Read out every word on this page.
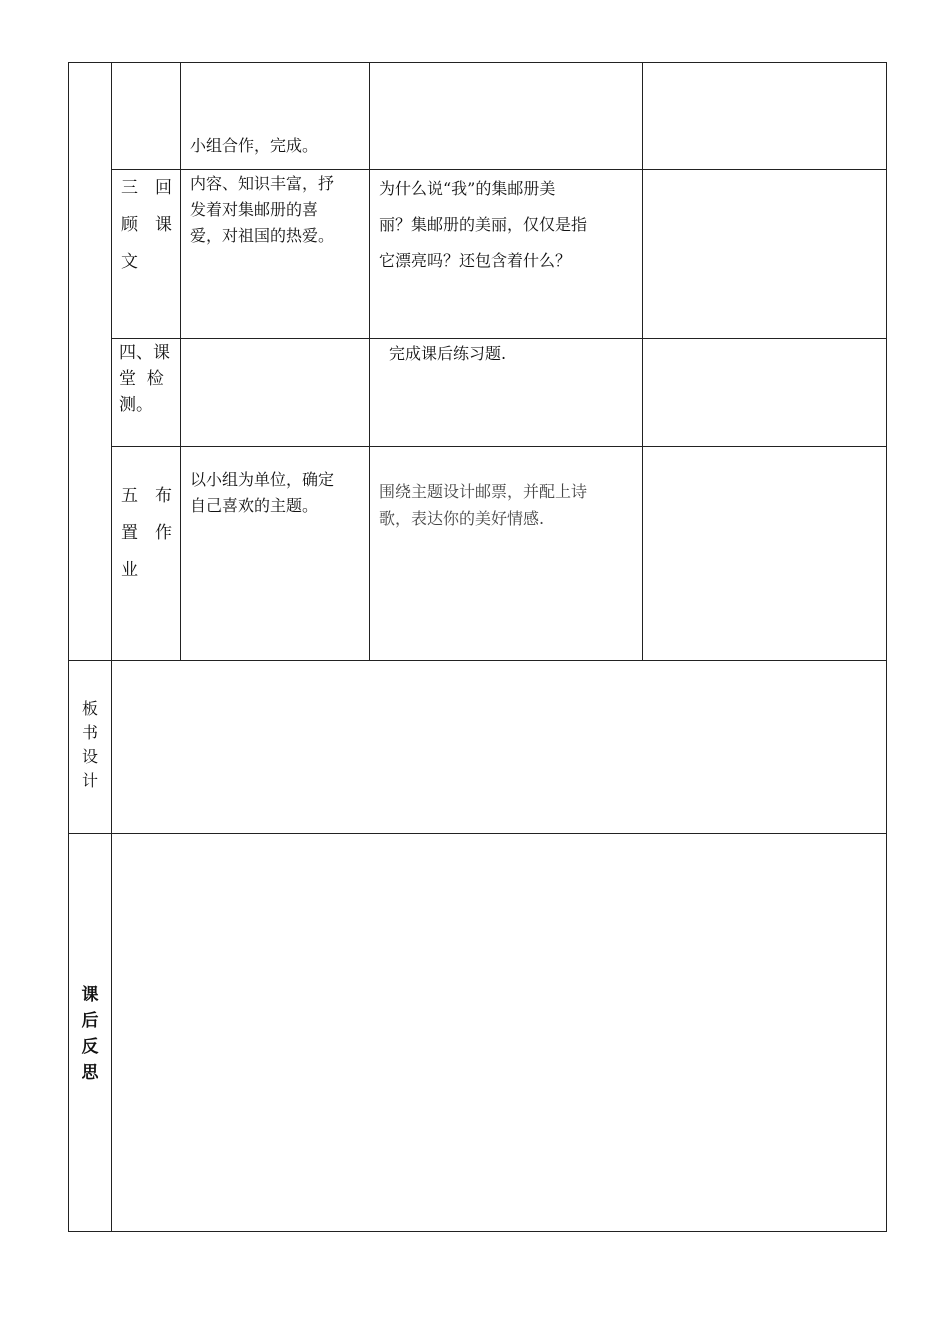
小组合作，完成。
三 回
顾 课
文
内容、知识丰富，抒
发着对集邮册的喜
爱，对祖国的热爱。
为什么说“我”的集邮册美
丽？集邮册的美丽，仅仅是指
它漂亮吗？还包含着什么？
四、课
堂  检
测。
完成课后练习题.
五 布
置 作
业
以小组为单位，确定
自己喜欢的主题。
围绕主题设计邮票，并配上诗
歌，表达你的美好情感.
板
书
设
计
课
后
反
思
